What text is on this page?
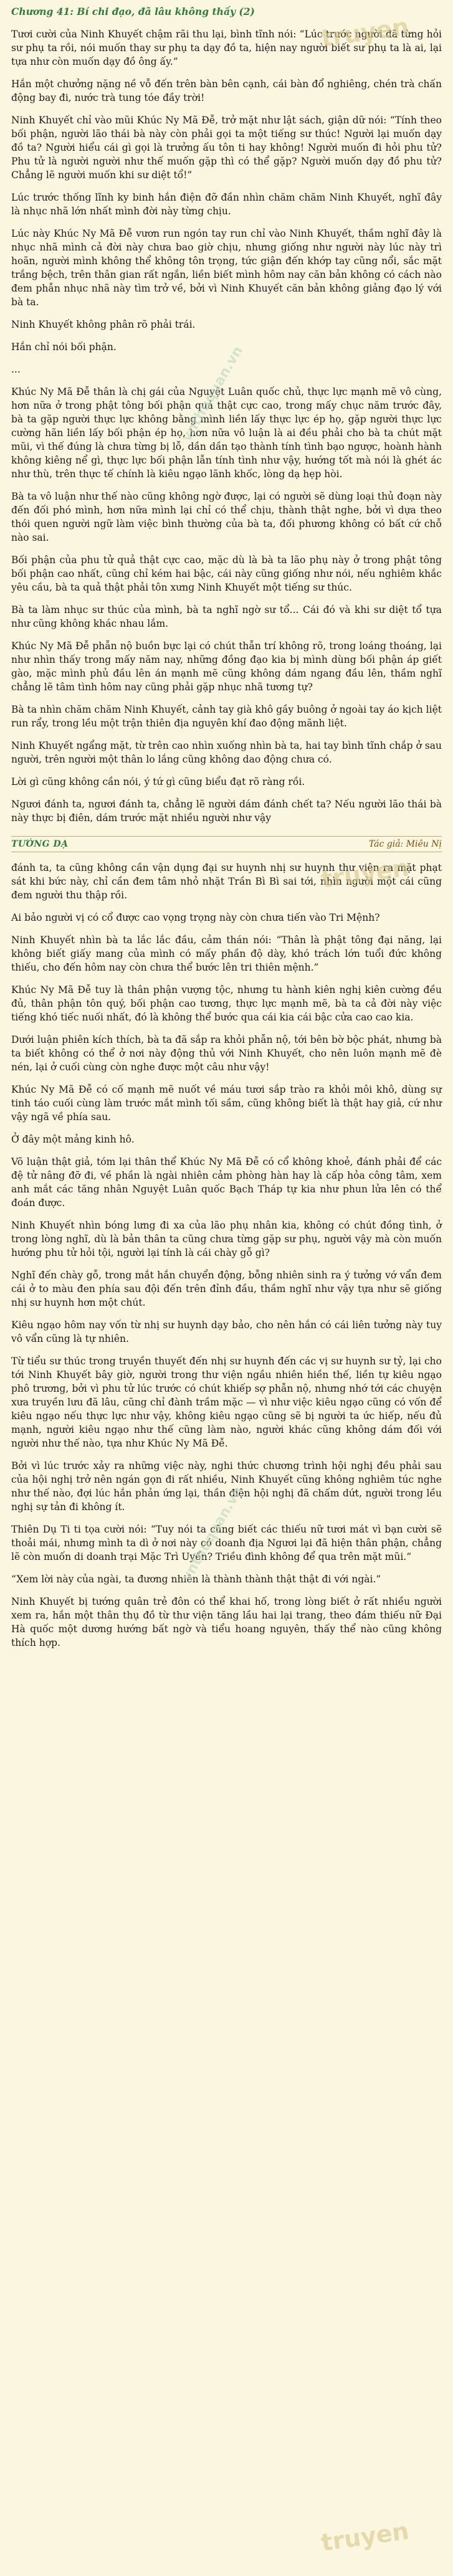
truyen
vnthuquan.vn
Chương 41: Bí chi đạo, đã lâu không thấy (2)

Tươi cười của Ninh Khuyết chậm rãi thu lại, bình tĩnh nói: “Lúc trước người đã từng hỏi sư phụ ta rồi, nói muốn thay sư phụ ta dạy đồ ta, hiện nay người biết sư phụ ta là ai, lại tựa như còn muốn dạy đồ ông ấy.”

Hắn một chưởng nặng nề vỗ đến trên bàn bên cạnh, cái bàn đổ nghiêng, chén trà chấn động bay đi, nước trà tung tóe đầy trời!

Ninh Khuyết chỉ vào mũi Khúc Ny Mã Đễ, trở mặt như lật sách, giận dữ nói: “Tính theo bối phận, người lão thái bà này còn phải gọi ta một tiếng sư thúc! Người lại muốn dạy đồ ta? Người hiểu cái gì gọi là trưởng ấu tôn ti hay không! Người muốn đi hỏi phu tử? Phu tử là người người như thế muốn gặp thì có thể gặp? Người muốn dạy đồ phu tử? Chẳng lẽ người muốn khi sư diệt tổ!”

Lúc trước thống lĩnh ky binh hắn điện đỡ đần nhìn chăm chăm Ninh Khuyết, nghĩ đây là nhục nhã lớn nhất mình đời này từng chịu.

Lúc này Khúc Ny Mã Đễ vươn run ngón tay run chỉ vào Ninh Khuyết, thầm nghĩ đây là nhục nhã mình cả đời này chưa bao giờ chịu, nhưng giống như người này lúc này trì hoãn, người mình không thể không tôn trọng, tức giận đến khớp tay cũng nổi, sắc mặt trắng bệch, trên thân gian rất ngắn, liền biết mình hôm nay căn bản không có cách nào đem phẫn nhục nhã này tìm trở về, bởi vì Ninh Khuyết căn bản không giảng đạo lý với bà ta.

Ninh Khuyết không phân rõ phải trái.

Hắn chỉ nói bối phận.

...

Khúc Ny Mã Đễ thân là chị gái của Nguyệt Luân quốc chủ, thực lực mạnh mẽ vô cùng, hơn nữa ở trong phật tông bối phận quả thật cực cao, trong mấy chục năm trước đây, bà ta gặp người thực lực không bằng mình liền lấy thực lực ép họ, gặp người thực lực cường hãn liền lấy bối phận ép họ, hơn nữa vô luận là ai đều phải cho bà ta chút mặt mũi, vì thế đúng là chưa từng bị lỗ, dần dần tạo thành tính tình bạo ngược, hoành hành không kiêng nể gì, thực lực bối phận lẫn tính tình như vậy, hướng tốt mà nói là ghét ác như thù, trên thực tế chính là kiêu ngạo lãnh khốc, lòng dạ hẹp hòi.

Bà ta vô luận như thế nào cũng không ngờ được, lại có người sẽ dùng loại thủ đoạn này đến đối phó mình, hơn nữa mình lại chỉ có thể chịu, thành thật nghe, bởi vì dựa theo thói quen người ngữ làm việc bình thường của bà ta, đối phương không có bất cứ chỗ nào sai.

Bối phận của phu tử quả thật cực cao, mặc dù là bà ta lão phụ này ở trong phật tông bối phận cao nhất, cũng chỉ kém hai bậc, cái này cũng giống như nói, nếu nghiêm khắc yêu cầu, bà ta quả thật phải tôn xưng Ninh Khuyết một tiếng sư thúc.

Bà ta làm nhục sư thúc của mình, bà ta nghĩ ngờ sư tổ... Cái đó và khi sư diệt tổ tựa như cũng không khác nhau lắm.

Khúc Ny Mã Đễ phẫn nộ buồn bực lại có chút thẫn trí không rõ, trong loáng thoáng, lại như nhìn thấy trong mấy năm nay, những đồng đạo kia bị mình dùng bối phận áp giết gào, mặc mình phủ đầu lên án mạnh mẽ cũng không dám ngang đầu lên, thầm nghĩ chẳng lẽ tâm tình hôm nay cũng phải gặp nhục nhã tương tự?

Bà ta nhìn chăm chăm Ninh Khuyết, cảnh tay già khô gầy buông ở ngoài tay áo kịch liệt run rẩy, trong lều một trận thiên địa nguyên khí đao động mãnh liệt.

Ninh Khuyết ngẩng mặt, từ trên cao nhìn xuống nhìn bà ta, hai tay bình tĩnh chắp ở sau người, trên người một thân lo lắng cũng không dao động chưa có.

Lời gì cũng không cần nói, ý tứ gì cũng biểu đạt rõ ràng rồi.

Ngươi đánh ta, ngươi đánh ta, chẳng lẽ người dám đánh chết ta? Nếu người lão thái bà này thực bị điên, dám trước mặt nhiều người như vậy

truyen
TƯỚNG DẠ	Tác giả: Miêu Nị
vnthuquan.vn

đánh ta, ta cũng không cần vận dụng đại sư huynh nhị sư huynh thư viện ra mặt phạt sát khi bức này, chỉ cần đem tâm nhỏ nhặt Trần Bì Bì sai tới, nhìn người một cái cũng đem người thu thập rồi.

Ai bảo người vị có cổ được cao vọng trọng này còn chưa tiến vào Tri Mệnh?

Ninh Khuyết nhìn bà ta lắc lắc đầu, cảm thán nói: “Thân là phật tông đại năng, lại không biết giấy mang của mình có mấy phần độ dày, khó trách lớn tuổi đức không thiếu, cho đến hôm nay còn chưa thể bước lên tri thiên mệnh.”

Khúc Ny Mã Đễ tuy là thân phận vượng tộc, nhưng tu hành kiên nghị kiên cường đều đủ, thân phận tôn quý, bối phận cao tương, thực lực mạnh mẽ, bà ta cả đời này việc tiếng khó tiếc nuối nhất, đó là không thể bước qua cái kia cái bậc cửa cao cao kia.

Dưới luận phiên kích thích, bà ta đã sắp ra khỏi phẫn nộ, tới bên bờ bộc phát, nhưng bà ta biết không có thể ở nơi này động thủ với Ninh Khuyết, cho nên luôn mạnh mẽ đè nén, lại ở cuối cùng còn nghe được một câu như vậy!

Khúc Ny Mã Đễ có cố mạnh mẽ nuốt về máu tươi sắp trào ra khỏi môi khô, dùng sự tinh táo cuối cùng làm trước mắt mình tối sầm, cũng không biết là thật hay giả, cứ như vậy ngã về phía sau.

Ở đây một mảng kinh hô.

Võ luận thật giả, tóm lại thân thể Khúc Ny Mã Đễ có cổ không khoẻ, đánh phải để các đệ tử nâng đỡ đi, về phần là ngài nhiên cảm phòng hàn hay là cấp hỏa công tâm, xem anh mắt các tăng nhân Nguyệt Luân quốc Bạch Tháp tự kia như phun lửa lên có thể đoán được.

Ninh Khuyết nhìn bóng lưng đi xa của lão phụ nhân kia, không có chút đồng tình, ở trong lòng nghĩ, dù là bản thân ta cũng chưa từng gặp sư phụ, người vậy mà còn muốn hướng phu tử hỏi tội, người lại tính là cái chày gỗ gì?

Nghĩ đến chày gỗ, trong mắt hắn chuyển động, bỗng nhiên sinh ra ý tưởng vớ vẩn đem cái ở to màu đen phía sau đội đến trên đỉnh đầu, thầm nghĩ như vậy tựa như sẽ giống nhị sư huynh hơn một chút.

Kiêu ngạo hôm nay vốn từ nhị sư huynh dạy bảo, cho nên hắn có cái liên tưởng này tuy vô vẩn cũng là tự nhiên.

Từ tiểu sư thúc trong truyền thuyết đến nhị sư huynh đến các vị sư huynh sư tỷ, lại cho tới Ninh Khuyết bây giờ, người trong thư viện ngầu nhiên hiền thế, liền tự kiêu ngạo phô trương, bởi vì phu tử lúc trước có chút khiếp sợ phẫn nộ, nhưng nhớ tới các chuyện xưa truyền lưu đã lâu, cũng chỉ đành trầm mặc — vì như việc kiêu ngạo cũng có vốn để kiêu ngạo nếu thực lực như vậy, không kiêu ngạo cũng sẽ bị người ta ức hiếp, nếu đủ mạnh, người kiêu ngạo như thế cũng làm nào, người khác cũng không dám đối với người như thế nào, tựa như Khúc Ny Mã Đễ.

Bởi vì lúc trước xảy ra những việc này, nghi thức chương trình hội nghị đều phải sau của hội nghị trở nên ngán gọn đi rất nhiều, Ninh Khuyết cũng không nghiêm túc nghe như thế nào, đợi lúc hắn phản ứng lại, thần điện hội nghị đã chấm dứt, người trong lều nghị sự tản đi không ít.

Thiên Dụ Ti ti tọa cười nói: “Tuy nói ta cũng biết các thiếu nữ tươi mát vì bạn cười sẽ thoải mái, nhưng mình ta dì ở nơi này có doanh địa Ngươi lại đã hiện thân phận, chẳng lẽ còn muốn di doanh trại Mặc Trì Uyển? Triều đình không để qua trên mặt mũi.”

“Xem lời này của ngài, ta đương nhiên là thành thành thật thật đi với ngài.”

Ninh Khuyết bị tướng quân trẻ đôn có thể khai hố, trong lòng biết ở rất nhiều người xem ra, hắn một thân thụ đồ từ thư viện tăng lầu hai lại trang, theo đám thiếu nữ Đại Hà quốc một dương hướng bất ngờ và tiểu hoang nguyên, thấy thể nào cũng không thích hợp.

truyen
